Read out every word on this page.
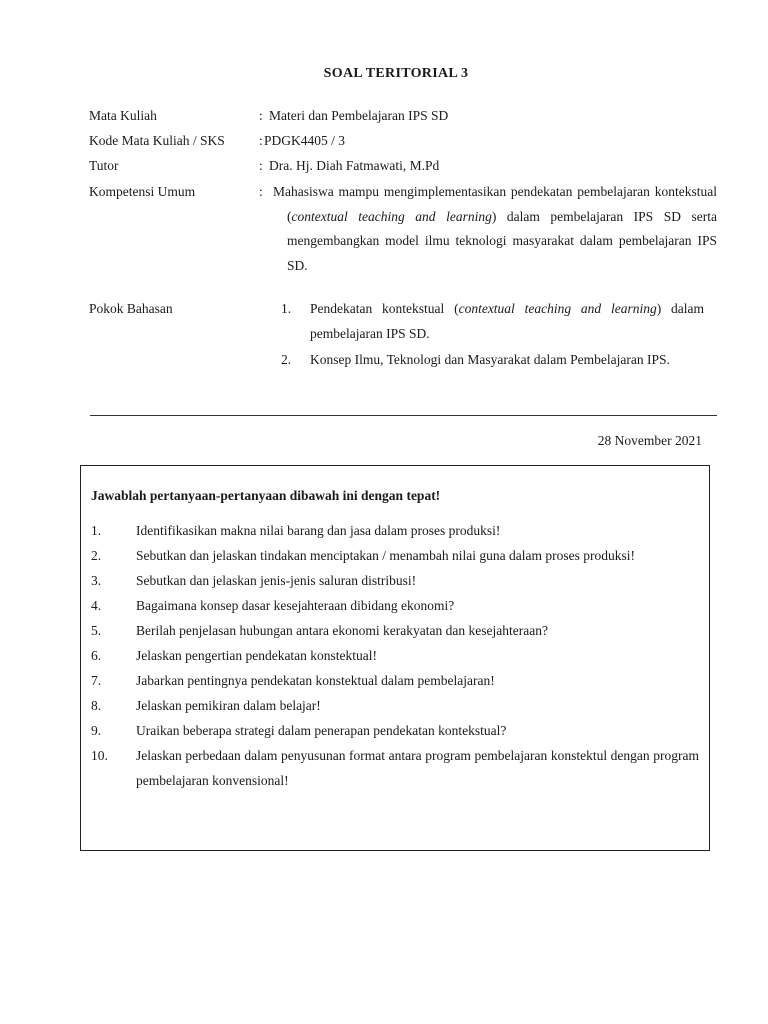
SOAL TERITORIAL 3
Mata Kuliah	: Materi dan Pembelajaran IPS SD
Kode Mata Kuliah / SKS	: PDGK4405 / 3
Tutor	: Dra. Hj. Diah Fatmawati, M.Pd
Kompetensi Umum	: Mahasiswa mampu mengimplementasikan pendekatan pembelajaran kontekstual (contextual teaching and learning) dalam pembelajaran IPS SD serta mengembangkan model ilmu teknologi masyarakat dalam pembelajaran IPS SD.
Pokok Bahasan	1. Pendekatan kontekstual (contextual teaching and learning) dalam pembelajaran IPS SD.
2. Konsep Ilmu, Teknologi dan Masyarakat dalam Pembelajaran IPS.
28 November 2021
Jawablah pertanyaan-pertanyaan dibawah ini dengan tepat!
1.	Identifikasikan makna nilai barang dan jasa dalam proses produksi!
2.	Sebutkan dan jelaskan tindakan menciptakan / menambah nilai guna dalam proses produksi!
3.	Sebutkan dan jelaskan jenis-jenis saluran distribusi!
4.	Bagaimana konsep dasar kesejahteraan dibidang ekonomi?
5.	Berilah penjelasan hubungan antara ekonomi kerakyatan dan kesejahteraan?
6.	Jelaskan pengertian pendekatan konstektual!
7.	Jabarkan pentingnya pendekatan konstektual dalam pembelajaran!
8.	Jelaskan pemikiran dalam belajar!
9.	Uraikan beberapa strategi dalam penerapan pendekatan kontekstual?
10.	Jelaskan perbedaan dalam penyusunan format antara program pembelajaran konstektul dengan program pembelajaran konvensional!
